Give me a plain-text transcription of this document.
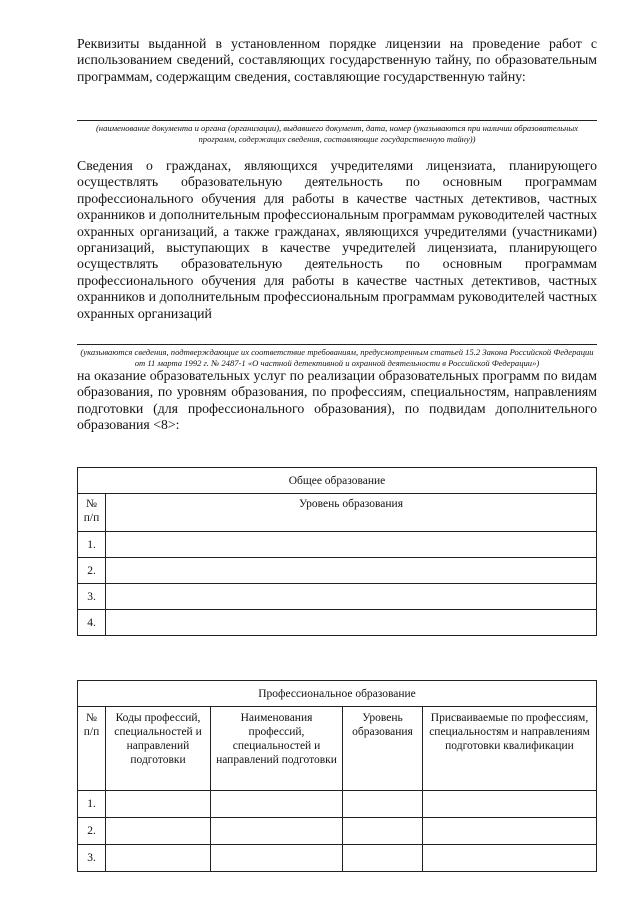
Реквизиты выданной в установленном порядке лицензии на проведение работ с использованием сведений, составляющих государственную тайну, по образовательным программам, содержащим сведения, составляющие государственную тайну:

(наименование документа и органа (организации), выдавшего документ, дата, номер (указываются при наличии образовательных программ, содержащих сведения, составляющие государственную тайну))

Сведения о гражданах, являющихся учредителями лицензиата, планирующего осуществлять образовательную деятельность по основным программам профессионального обучения для работы в качестве частных детективов, частных охранников и дополнительным профессиональным программам руководителей частных охранных организаций, а также гражданах, являющихся учредителями (участниками) организаций, выступающих в качестве учредителей лицензиата, планирующего осуществлять образовательную деятельность по основным программам профессионального обучения для работы в качестве частных детективов, частных охранников и дополнительным профессиональным программам руководителей частных охранных организаций

(указываются сведения, подтверждающие их соответствие требованиям, предусмотренным статьей 15.2 Закона Российской Федерации от 11 марта 1992 г. № 2487-1 «О частной детективной и охранной деятельности в Российской Федерации»)

на оказание образовательных услуг по реализации образовательных программ по видам образования, по уровням образования, по профессиям, специальностям, направлениям подготовки (для профессионального образования), по подвидам дополнительного образования <8>:

Общее образование	
№ п/п	Уровень образования
1.	
2.	
3.	
4.	
Профессиональное образование				
№ п/п	Коды профессий, специальностей и направлений подготовки	Наименования профессий, специальностей и направлений подготовки	Уровень образования	Присваиваемые по профессиям, специальностям и направлениям подготовки квалификации
1.				
2.				
3.				
